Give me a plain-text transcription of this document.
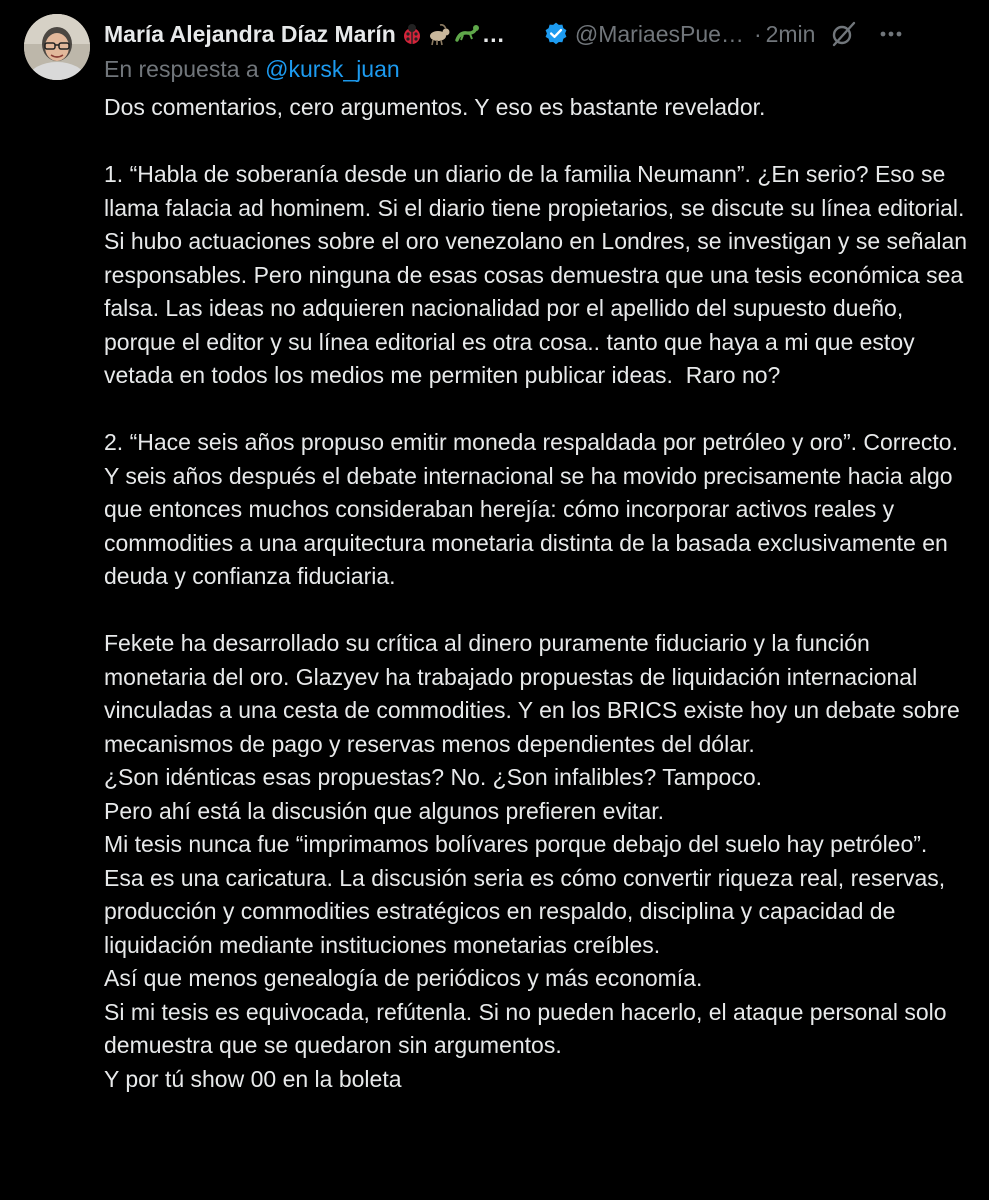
María Alejandra Díaz Marín	…	@MariaesPue… · 2min
En respuesta a @kursk_juan

Dos comentarios, cero argumentos. Y eso es bastante revelador.

1. “Habla de soberanía desde un diario de la familia Neumann”. ¿En serio? Eso se llama falacia ad hominem. Si el diario tiene propietarios, se discute su línea editorial. Si hubo actuaciones sobre el oro venezolano en Londres, se investigan y se señalan responsables. Pero ninguna de esas cosas demuestra que una tesis económica sea falsa. Las ideas no adquieren nacionalidad por el apellido del supuesto dueño, porque el editor y su línea editorial es otra cosa.. tanto que haya a mi que estoy vetada en todos los medios me permiten publicar ideas.  Raro no?

2. “Hace seis años propuso emitir moneda respaldada por petróleo y oro”. Correcto. Y seis años después el debate internacional se ha movido precisamente hacia algo que entonces muchos consideraban herejía: cómo incorporar activos reales y commodities a una arquitectura monetaria distinta de la basada exclusivamente en deuda y confianza fiduciaria.

Fekete ha desarrollado su crítica al dinero puramente fiduciario y la función monetaria del oro. Glazyev ha trabajado propuestas de liquidación internacional vinculadas a una cesta de commodities. Y en los BRICS existe hoy un debate sobre mecanismos de pago y reservas menos dependientes del dólar.

¿Son idénticas esas propuestas? No. ¿Son infalibles? Tampoco.

Pero ahí está la discusión que algunos prefieren evitar.

Mi tesis nunca fue “imprimamos bolívares porque debajo del suelo hay petróleo”. Esa es una caricatura. La discusión seria es cómo convertir riqueza real, reservas, producción y commodities estratégicos en respaldo, disciplina y capacidad de liquidación mediante instituciones monetarias creíbles.

Así que menos genealogía de periódicos y más economía.

Si mi tesis es equivocada, refútenla. Si no pueden hacerlo, el ataque personal solo demuestra que se quedaron sin argumentos.

Y por tú show 00 en la boleta
